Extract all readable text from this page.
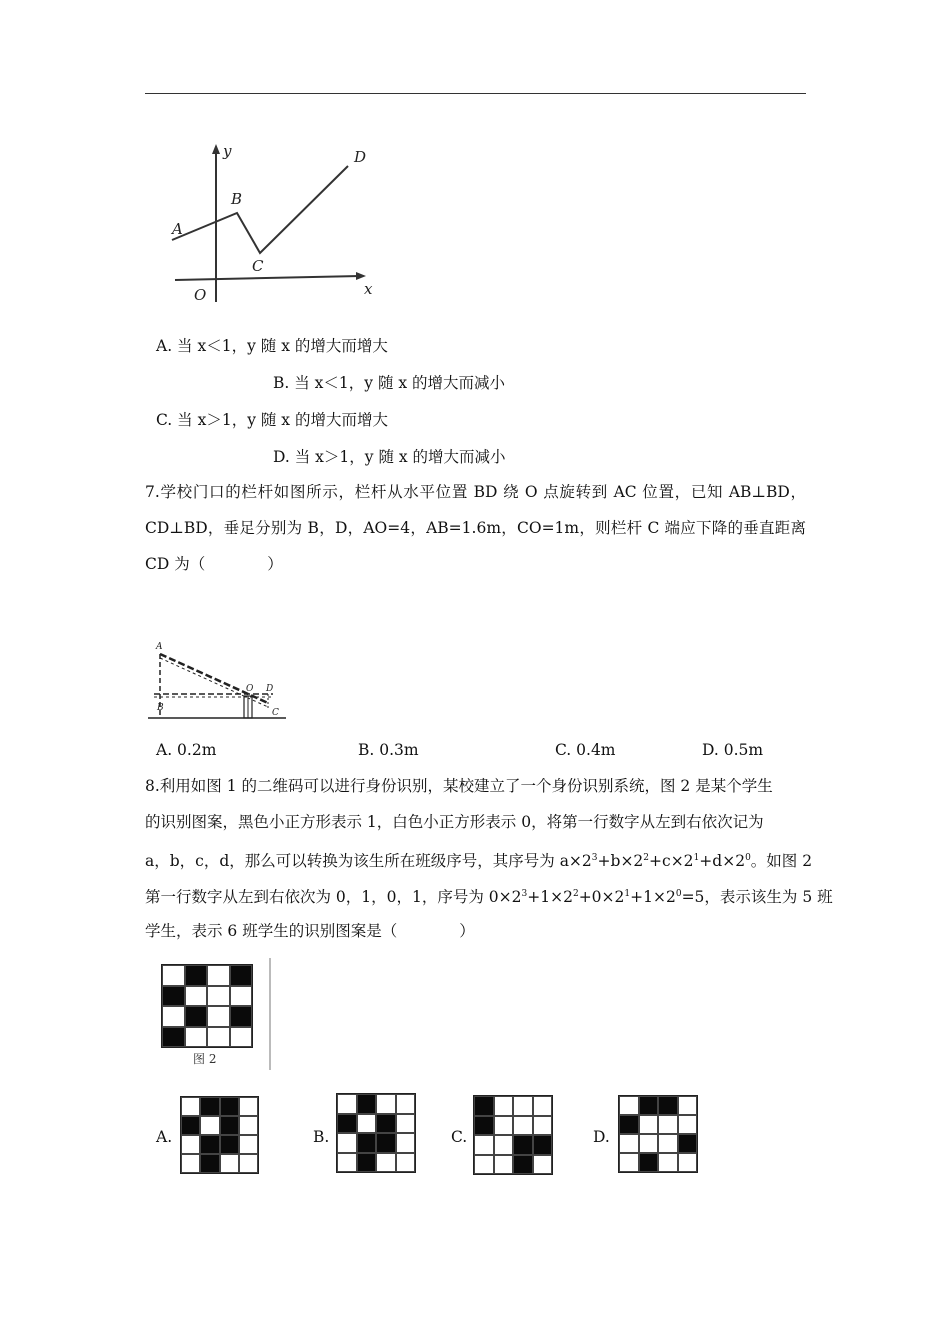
y
x
O
A
B
C
D
A. 当 x＜1，y 随 x 的增大而增大
B. 当 x＜1，y 随 x 的增大而减小
C. 当 x＞1，y 随 x 的增大而增大
D. 当 x＞1，y 随 x 的增大而减小
7.学校门口的栏杆如图所示，栏杆从水平位置 BD 绕 O 点旋转到 AC 位置，已知 AB⊥BD，CD⊥BD，垂足分别为 B，D，AO=4，AB=1.6m，CO=1m，则栏杆 C 端应下降的垂直距离 CD 为（　　　　）
A
B
O D
C
A. 0.2m	B. 0.3m	C. 0.4m	D. 0.5m
8.利用如图 1 的二维码可以进行身份识别，某校建立了一个身份识别系统，图 2 是某个学生
的识别图案，黑色小正方形表示 1，白色小正方形表示 0，将第一行数字从左到右依次记为
a，b，c，d，那么可以转换为该生所在班级序号，其序号为 $a\times 2^3+b\times 2^2+c\times 2^1+d\times 2^0$。如图 2
第一行数字从左到右依次为 0，1，0，1，序号为 $0\times 2^3+1\times 2^2+0\times 2^1+1\times 2^0=5$，表示该生为 5 班
学生，表示 6 班学生的识别图案是（　　　　）
图 2
A.	B.	C.	D.
